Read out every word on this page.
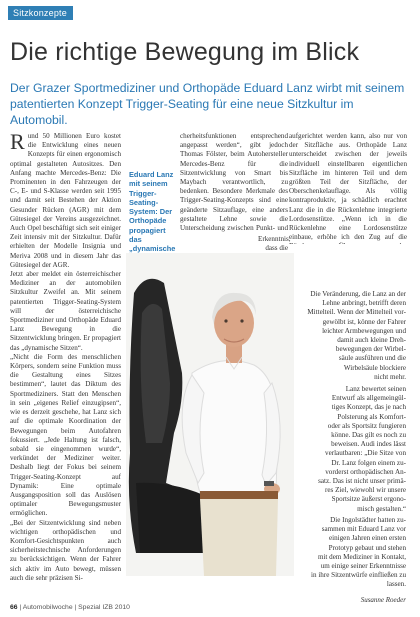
Sitzkonzepte
Die richtige Bewegung im Blick
Der Grazer Sportmediziner und Orthopäde Eduard Lanz wirbt mit seinem patentierten Konzept Trigger-Seating für eine neue Sitzkultur im Automobil.

Rund 50 Millionen Euro kostet die Entwicklung eines neuen Konzepts für einen ergonomisch optimal gestalteten Autositzes. Den Anfang machte Mercedes-Benz: Die Prominenten in den Fahrzeugen der C-, E- und S-Klasse werden seit 1995 und damit seit Bestehen der Aktion Gesunder Rücken (AGR) mit dem Gütesiegel der Vereins ausgezeichnet. Auch Opel beschäftigt sich seit einiger Zeit intensiv mit der Sitzkultur. Dafür erhielten der Modelle Insignia und Meriva 2008 und in diesem Jahr das Gütesiegel der AGR.

Jetzt aber meldet ein österreichischer Mediziner an der automobilen Sitzkultur Zweifel an. Mit seinem patentierten Trigger-Seating-System will der österreichische Sportmediziner und Orthopäde Eduard Lanz Bewegung in die Sitzentwicklung bringen. Er propagiert das „dynamische Sitzen“.

„Nicht die Form des menschlichen Körpers, sondern seine Funktion muss die Gestaltung eines Sitzes bestimmen“, lautet das Diktum des Sportmediziners. Statt den Menschen in sein „eigenes Relief einzugipsen“, wie es derzeit geschehe, hat Lanz sich auf die optimale Koordination der Bewegungen beim Autofahren fokussiert. „Jede Haltung ist falsch, sobald sie eingenommen wurde“, verkündet der Mediziner weiter. Deshalb liegt der Fokus bei seinem Trigger-Seating-Konzept auf Dynamik: Eine optimale Ausgangsposition soll das Auslösen optimaler Bewegungsmuster ermöglichen.

„Bei der Sitzentwicklung sind neben wichtigen orthopädischen und Komfort-Gesichtspunkten auch sicherheitstechnische Anforderungen zu berücksichtigen. Wenn der Fahrer sich aktiv im Auto bewegt, müssen auch die sehr präzisen Si-

Eduard Lanz mit seinem Trigger-Seating-System: Der Orthopäde propagiert das „dynamische

cherheitsfunktionen entsprechend angepasst werden“, gibt jedoch Thomas Fölster, beim Autohersteller Mercedes-Benz für die Sitzentwicklung von Smart bis Maybach verantwortlich, zu bedenken. Besondere Merkmale des Trigger-Seating-Konzepts sind eine geänderte Sitzauflage, eine anders gestaltete Lehne sowie die Unterscheidung zwischen Punkt- und

aufgerichtet werden kann, also nur von der Sitzfläche aus. Orthopäde Lanz unterscheidet zwischen der jeweils individuell einstellbaren eigentlichen Sitzfläche im hinteren Teil und dem größten Teil der Sitzfläche, der Oberschenkelauflage. Als völlig kontraproduktiv, ja schädlich erachtet Lanz die in die Rückenlehne integrierte Lordosenstütze. „Wenn ich in die Rückenlehne eine Lordosenstütze einbaue, erhöhe ich den Zug auf die

Erkenntnis,
dass die
Die Veränderung, die Lanz an der
Lehne anbringt, betrifft deren
Mittelteil. Wenn der Mittelteil vor-
gewölbt ist, könne der Fahrer
leichter Armbewegungen und
damit auch kleine Dreh-
bewegungen der Wirbel-
säule ausführen und die
Wirbelsäule blockiere
nicht mehr.
Lanz bewertet seinen
Entwurf als allgemeingül-
tiges Konzept, das je nach
Polsterung als Komfort-
oder als Sportsitz fungieren
könne. Das gilt es noch zu
beweisen. Audi indes lässt
verlautbaren: „Die Sitze von
Dr. Lanz folgen einem zu-
vorderst orthopädischen An-
satz. Das ist nicht unser primä-
res Ziel, wiewohl wir unsere
Sportsitze äußerst ergono-
misch gestalten.“
Die Ingolstädter hatten zu-
sammen mit Eduard Lanz vor
einigen Jahren einen ersten
Prototyp gebaut und stehen
mit dem Mediziner in Kontakt,
um einige seiner Erkenntnisse
in ihre Sitzentwürfe einfließen zu
lassen.
Susanne Roeder
66 | Automobilwoche | Spezial IZB 2010
